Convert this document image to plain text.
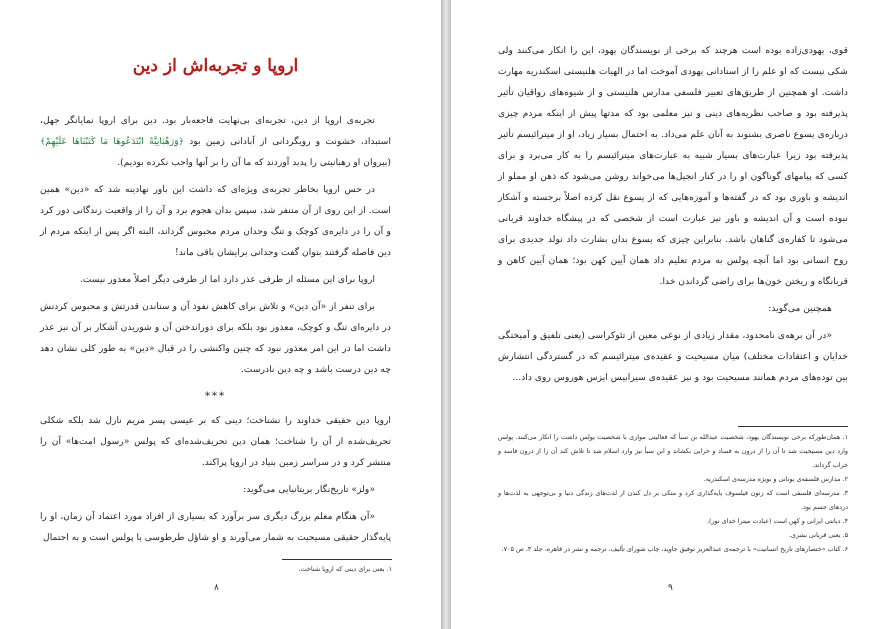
اروپا و تجربه‌اش از دین

تجربه‌ی اروپا از دین، تجربه‌ای بی‌نهایت فاجعه‌بار بود. دین برای اروپا نمایانگر جهل، استبداد، خشونت و رویگردانی از آبادانی زمین بود ﴿وَرَهْبَانِيَّةً ابْتَدَعُوهَا مَا كَتَبْنَاهَا عَلَيْهِمْ﴾ (بیروان او رهبانیتی را پدید آوردند که ما آن را بر آنها واجب نکرده بودیم).

در حس اروپا بخاطر تجربه‌ی ویژه‌ای که داشت این باور نهادینه شد که «دین» همین است. از این روی از آن متنفر شد، سپس بدان هجوم برد و آن را از واقعیت زندگانی دور کرد و آن را در دایره‌ی کوچک و تنگ وجدان مردم محبوس گرداند، البته اگر پس از اینکه مردم از دین فاصله گرفتند بتوان گفت وجدانی برایشان باقی ماند!

اروپا برای این مسئله از طرفی عذر دارد اما از طرفی دیگر اصلاً معذور نیست.

برای تنفر از «آن دین» و تلاش برای کاهش نفوذ آن و ستاندن قدرتش و محبوس کردنش در دایره‌ای تنگ و کوچک، معذور بود بلکه برای دوراندختن آن و شوریدن آشکار بر آن نیز عذر داشت اما در این امر معذور نبود که چنین واکنشی را در قبال «دین» به طور کلی نشان دهد چه دین درست باشد و چه دین نادرست.

***

اروپا دین حقیقی خداوند را نشناخت؛ دینی که بر عیسی پسر مریم نازل شد بلکه شکلی تحریف‌شده از آن را شناخت؛ همان دین تحریف‌شده‌ای که پولس «رسول امت‌ها» آن را منتشر کرد و در سراسر زمین بنیاد در اروپا پراکند.

«ولز» تاریخ‌نگار بریتانیایی می‌گوید:

«آن هنگام معلم بزرگ دیگری سر برآورد که بسیاری از افراد مورد اعتماد آن زمان، او را پایه‌گذار حقیقی مسیحیت به شمار می‌آورند و او شاؤل طرطوسی یا پولس است و به احتمال

۱. یعنی برای دینی که اروپا شناخت.

۸

قوی، یهودی‌زاده بوده است هرچند که برخی از نویسندگان یهود، این را انکار می‌کنند ولی شکی نیست که او علم را از استادانی یهودی آموخت اما در الهیات هلنیستی اسکندریه مهارت داشت. او همچنین از طریق‌های تعبیر فلسفی مدارس هلنیستی و از شیوه‌های رواقیان تأثیر پذیرفته بود و صاحب نظریه‌های دینی و نیز معلمی بود که مدتها پیش از اینکه مردم چیزی درباره‌ی یسوع ناصری بشنوند به آنان علم می‌داد. به احتمال بسیار زیاد، او از میترائیسم تأثیر پذیرفته بود زیرا عبارت‌های بسیار شبیه به عبارت‌های میترائیسم را به کار می‌برد و برای کسی که پیامهای گوناگون او را در کنار انجیل‌ها می‌خواند روشن می‌شود که ذهن او مملو از اندیشه و باوری بود که در گفته‌ها و آموزه‌هایی که از یسوع نقل کرده اصلاً برجسته و آشکار نبوده است و آن اندیشه و باور نیز عبارت است از شخصی که در پیشگاه خداوند قربانی می‌شود تا کفاره‌ی گناهان باشد. بنابراین چیزی که یسوع بدان بشارت داد تولد جدیدی برای روح انسانی بود اما آنچه پولس به مردم تعلیم داد همان آیین کهن بود؛ همان آیین کاهن و قربانگاه و ریختن خون‌ها برای راضی گرداندن خدا.

همچنین می‌گوید:

«در آن برهه‌ی نامحدود، مقدار زیادی از نوعی معین از تئوکراسی (یعنی تلفیق و آمیختگی خدایان و اعتقادات مختلف) میان مسیحیت و عقیده‌ی میترائیسم که در گستردگی انتشارش بین توده‌های مردم همانند مسیحیت بود و نیز عقیده‌ی سیرابیس ایزس هوروس روی داد...

۱. همان‌طورکه برخی نویسندگان یهود، شخصیت عبدالله بن سبأ که فعالیتی موازی با شخصیت پولس داشت را انکار می‌کنند. پولس وارد دین مسیحیت شد تا آن را از درون به فساد و خرابی بکشاند و ابن سبأ نیز وارد اسلام شد تا تلاش کند آن را از درون فاسد و خراب گرداند.

۲. مدارس فلسفه‌ی یونانی و بویژه مدرسه‌ی اسکندریه.

۳. مدرسه‌ای فلسفی است که زنون فیلسوف پایه‌گذاری کرد و متکی بر دل کندن از لذت‌های زندگی دنیا و بی‌توجهی به لذت‌ها و دردهای جسم بود.

۴. دیانتی ایرانی و کهن است (عبادت میترا خدای نور).

۵. یعنی قربانی بشری.

۶. کتاب «ختصارهای تاریخ انسانیت» با ترجمه‌ی عبدالعزیز توفیق جاوید، چاپ شورای تألیف، ترجمه و نشر در قاهره، جلد ۳، ص ۷۰۵.

۹
